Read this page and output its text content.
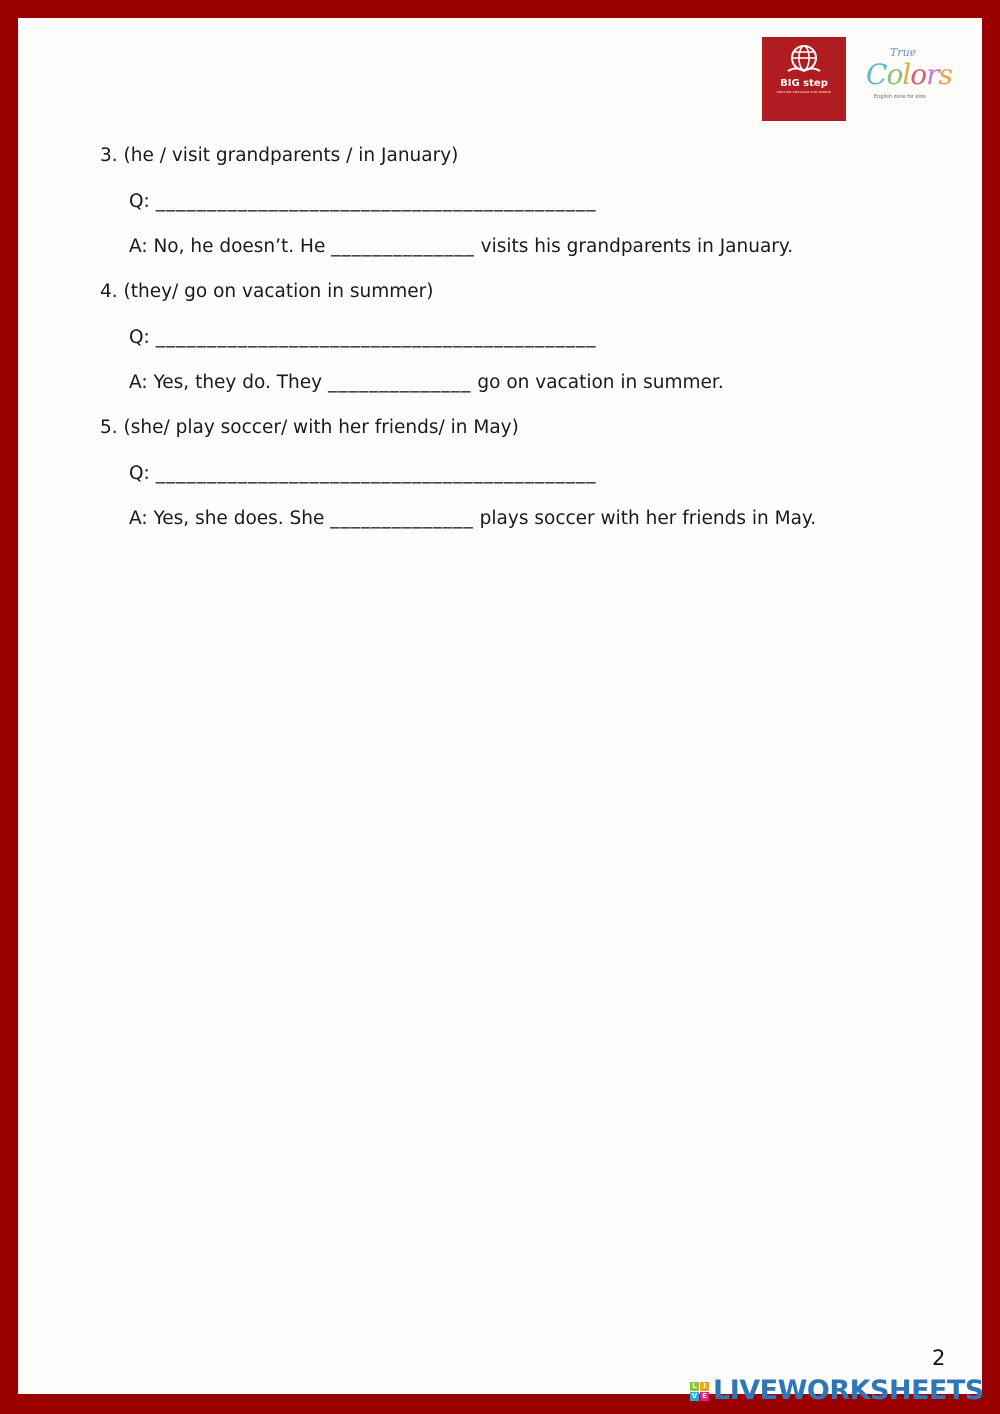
BIG step
ENGLISH PROGRAM FOR SENIOR
True
Colors
English zone for kids

3. (he / visit grandparents / in January)

Q: ___________________________________________

A: No, he doesn’t. He ______________ visits his grandparents in January.

4. (they/ go on vacation in summer)

Q: ___________________________________________

A: Yes, they do. They ______________ go on vacation in summer.

5. (she/ play soccer/ with her friends/ in May)

Q: ___________________________________________

A: Yes, she does. She ______________ plays soccer with her friends in May.

2
L I
V E LIVEWORKSHEETS
